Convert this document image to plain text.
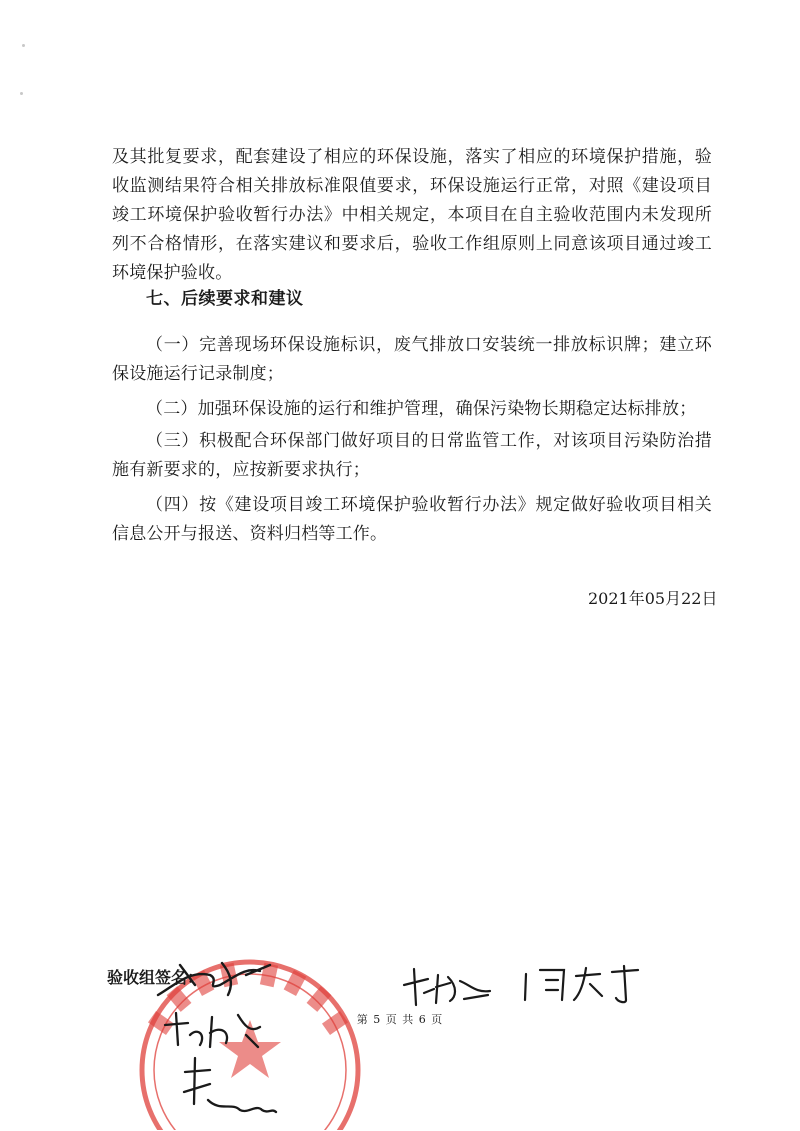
及其批复要求，配套建设了相应的环保设施，落实了相应的环境保护措施，验收监测结果符合相关排放标准限值要求，环保设施运行正常，对照《建设项目竣工环境保护验收暂行办法》中相关规定，本项目在自主验收范围内未发现所列不合格情形，在落实建议和要求后，验收工作组原则上同意该项目通过竣工环境保护验收。

七、后续要求和建议

（一）完善现场环保设施标识，废气排放口安装统一排放标识牌；建立环保设施运行记录制度；

（二）加强环保设施的运行和维护管理，确保污染物长期稳定达标排放；

（三）积极配合环保部门做好项目的日常监管工作，对该项目污染防治措施有新要求的，应按新要求执行；

（四）按《建设项目竣工环境保护验收暂行办法》规定做好验收项目相关信息公开与报送、资料归档等工作。

2021年05月22日
验收组签名：
第 5 页 共 6 页
